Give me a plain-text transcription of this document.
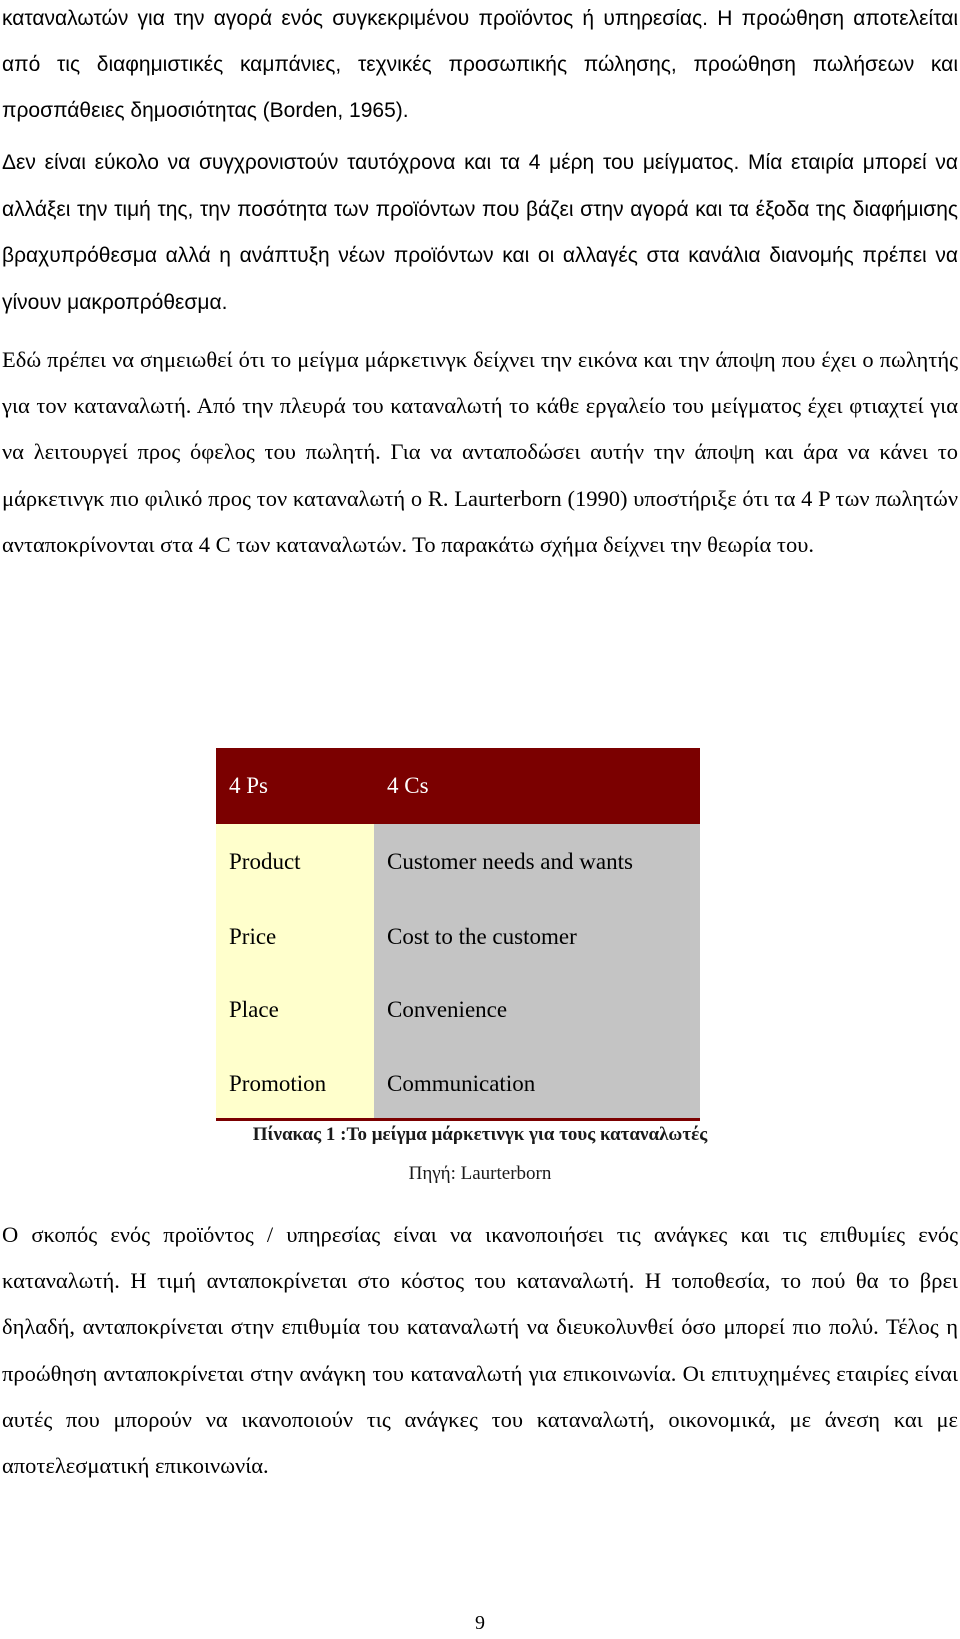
καταναλωτών για την αγορά ενός συγκεκριμένου προϊόντος ή υπηρεσίας. Η προώθηση αποτελείται από τις διαφημιστικές καμπάνιες, τεχνικές προσωπικής πώλησης, προώθηση πωλήσεων και προσπάθειες δημοσιότητας (Borden, 1965).

Δεν είναι εύκολο να συγχρονιστούν ταυτόχρονα και τα 4 μέρη του μείγματος. Μία εταιρία μπορεί να αλλάξει την τιμή της, την ποσότητα των προϊόντων που βάζει στην αγορά και τα έξοδα της διαφήμισης βραχυπρόθεσμα αλλά η ανάπτυξη νέων προϊόντων και οι αλλαγές στα κανάλια διανομής πρέπει να γίνουν μακροπρόθεσμα.

Εδώ πρέπει να σημειωθεί ότι το μείγμα μάρκετινγκ δείχνει την εικόνα και την άποψη που έχει ο πωλητής για τον καταναλωτή. Από την πλευρά του καταναλωτή το κάθε εργαλείο του μείγματος έχει φτιαχτεί για να λειτουργεί προς όφελος του πωλητή. Για να ανταποδώσει αυτήν την άποψη και άρα να κάνει το μάρκετινγκ πιο φιλικό προς τον καταναλωτή ο R. Laurterborn (1990) υποστήριξε ότι τα 4 P των πωλητών ανταποκρίνονται στα 4 C των καταναλωτών. Το παρακάτω σχήμα δείχνει την θεωρία του.

4 Ps	4 Cs
Product	Customer needs and wants
Price	Cost to the customer
Place	Convenience
Promotion	Communication
Πίνακας 1 :Το μείγμα μάρκετινγκ για τους καταναλωτές
Πηγή: Laurterborn

Ο σκοπός ενός προϊόντος / υπηρεσίας είναι να ικανοποιήσει τις ανάγκες και τις επιθυμίες ενός καταναλωτή. Η τιμή ανταποκρίνεται στο κόστος του καταναλωτή. Η τοποθεσία, το πού θα το βρει δηλαδή, ανταποκρίνεται στην επιθυμία του καταναλωτή να διευκολυνθεί όσο μπορεί πιο πολύ. Τέλος η προώθηση ανταποκρίνεται στην ανάγκη του καταναλωτή για επικοινωνία. Οι επιτυχημένες εταιρίες είναι αυτές που μπορούν να ικανοποιούν τις ανάγκες του καταναλωτή, οικονομικά, με άνεση και με αποτελεσματική επικοινωνία.

9
